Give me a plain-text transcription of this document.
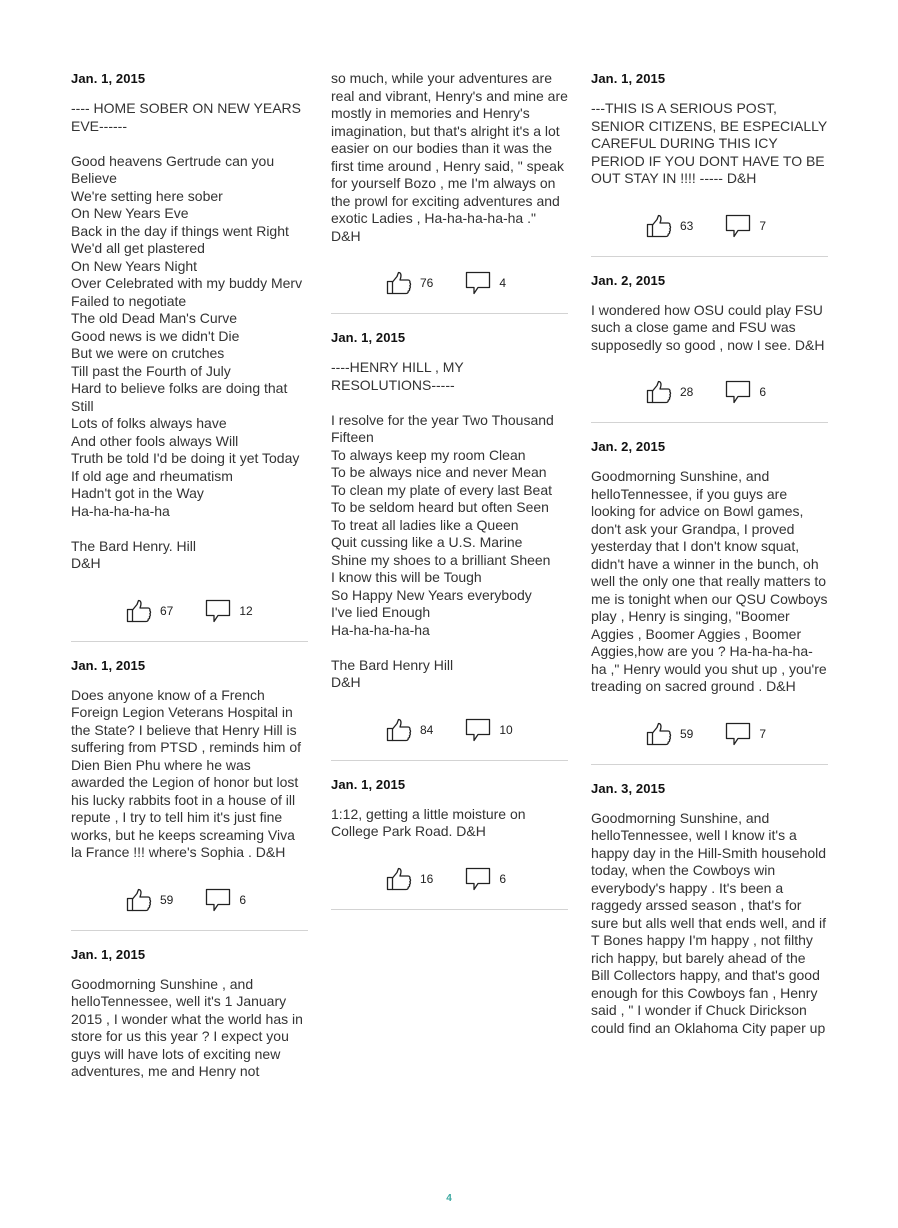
Jan. 1, 2015
---- HOME SOBER ON NEW YEARS EVE------

Good heavens Gertrude can you Believe
We're setting here sober
On New Years Eve
Back in the day if things went Right
We'd all get plastered
On New Years Night
Over Celebrated with my buddy Merv
Failed to negotiate
The old Dead Man's Curve
Good news is we didn't Die
But we were on crutches
Till past the Fourth of July
Hard to believe folks are doing that Still
Lots of folks always have
And other fools always Will
Truth be told I'd be doing it yet Today
If old age and rheumatism
Hadn't got in the Way
Ha-ha-ha-ha-ha

The Bard Henry. Hill
D&H
67	12
Jan. 1, 2015
Does anyone know of a French Foreign Legion Veterans Hospital in the State? I believe that Henry Hill is suffering from PTSD , reminds him of Dien Bien Phu where he was awarded the Legion of honor but lost his lucky rabbits foot in a house of ill repute , I try to tell him it's just fine works, but he keeps screaming Viva la France !!! where's Sophia . D&H
59	6
Jan. 1, 2015
Goodmorning Sunshine , and helloTennessee, well it's 1 January 2015 , I wonder what the world has in store for us this year ? I expect you guys will have lots of exciting new adventures, me and Henry not
so much, while your adventures are real and vibrant, Henry's and mine are mostly in memories and Henry's imagination, but that's alright it's a lot easier on our bodies than it was the first time around , Henry said, " speak for yourself Bozo , me I'm always on the prowl for exciting adventures and exotic Ladies , Ha-ha-ha-ha-ha ." D&H
76	4
Jan. 1, 2015
----HENRY HILL , MY RESOLUTIONS-----

I resolve for the year Two Thousand Fifteen
To always keep my room Clean
To be always nice and never Mean
To clean my plate of every last Beat
To be seldom heard but often Seen
To treat all ladies like a Queen
Quit cussing like a U.S. Marine
Shine my shoes to a brilliant Sheen
I know this will be Tough
So Happy New Years everybody
I've lied Enough
Ha-ha-ha-ha-ha

The Bard Henry Hill
D&H
84	10
Jan. 1, 2015
1:12, getting a little moisture on College Park Road. D&H
16	6
Jan. 1, 2015
---THIS IS A SERIOUS POST, SENIOR CITIZENS, BE ESPECIALLY CAREFUL DURING THIS ICY PERIOD IF YOU DONT HAVE TO BE OUT STAY IN !!!! ----- D&H
63	7
Jan. 2, 2015
I wondered how OSU could play FSU such a close game and FSU was supposedly so good , now I see. D&H
28	6
Jan. 2, 2015
Goodmorning Sunshine, and helloTennessee, if you guys are looking for advice on Bowl games, don't ask your Grandpa, I proved yesterday that I don't know squat, didn't have a winner in the bunch, oh well the only one that really matters to me is tonight when our QSU Cowboys play , Henry is singing, "Boomer Aggies , Boomer Aggies , Boomer Aggies,how are you ? Ha-ha-ha-ha-ha ," Henry would you shut up , you're treading on sacred ground . D&H
59	7
Jan. 3, 2015
Goodmorning Sunshine, and helloTennessee, well I know it's a happy day in the Hill-Smith household today, when the Cowboys win everybody's happy . It's been a raggedy arssed season , that's for sure but alls well that ends well, and if T Bones happy I'm happy , not filthy rich happy, but barely ahead of the Bill Collectors happy, and that's good enough for this Cowboys fan , Henry said , " I wonder if Chuck Dirickson could find an Oklahoma City paper up
4
